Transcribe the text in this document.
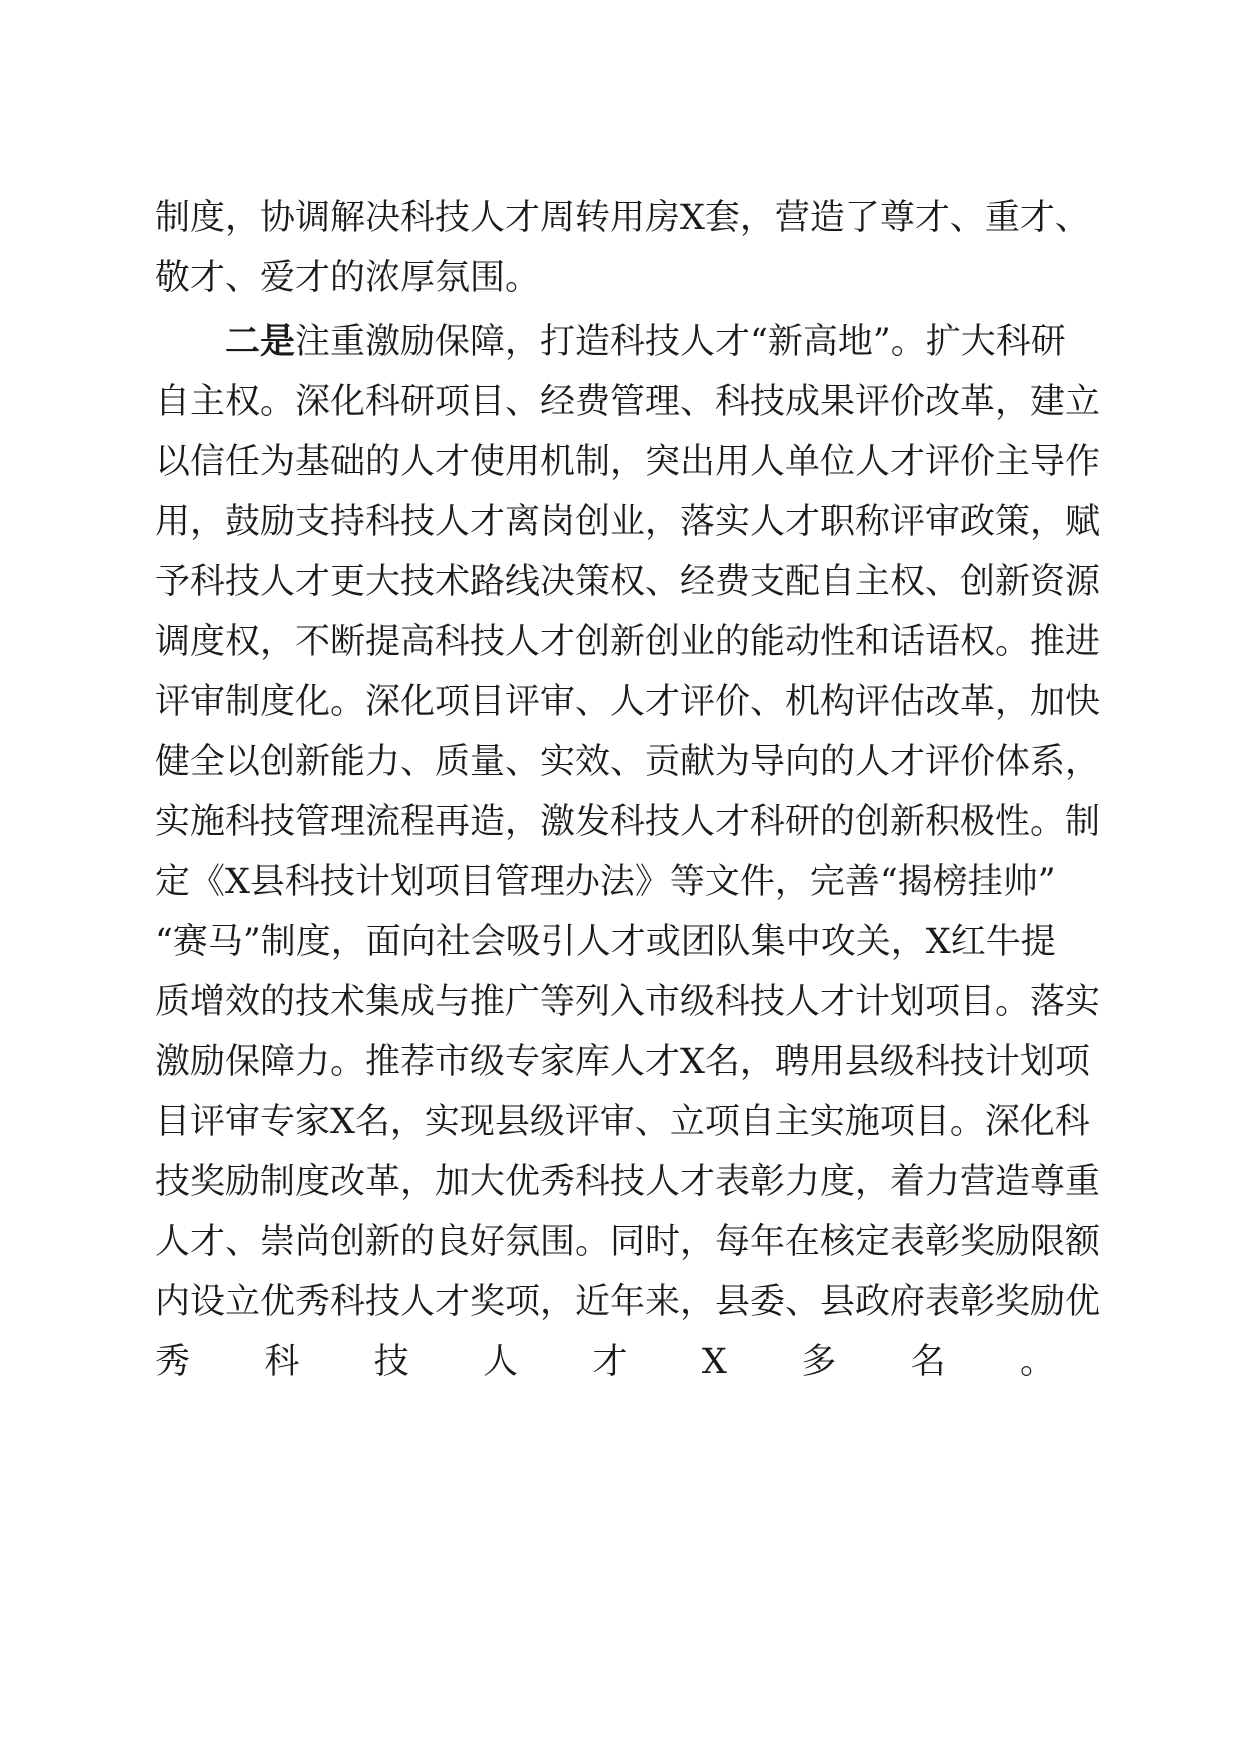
制度，协调解决科技人才周转用房X套，营造了尊才、重才、
敬才、爱才的浓厚氛围。
二是注重激励保障，打造科技人才“新高地”。扩大科研
自主权。深化科研项目、经费管理、科技成果评价改革，建立
以信任为基础的人才使用机制，突出用人单位人才评价主导作
用，鼓励支持科技人才离岗创业，落实人才职称评审政策，赋
予科技人才更大技术路线决策权、经费支配自主权、创新资源
调度权，不断提高科技人才创新创业的能动性和话语权。推进
评审制度化。深化项目评审、人才评价、机构评估改革，加快
健全以创新能力、质量、实效、贡献为导向的人才评价体系，
实施科技管理流程再造，激发科技人才科研的创新积极性。制
定《X县科技计划项目管理办法》等文件，完善“揭榜挂帅”
“赛马”制度，面向社会吸引人才或团队集中攻关，X红牛提
质增效的技术集成与推广等列入市级科技人才计划项目。落实
激励保障力。推荐市级专家库人才X名，聘用县级科技计划项
目评审专家X名，实现县级评审、立项自主实施项目。深化科
技奖励制度改革，加大优秀科技人才表彰力度，着力营造尊重
人才、崇尚创新的良好氛围。同时，每年在核定表彰奖励限额
内设立优秀科技人才奖项，近年来，县委、县政府表彰奖励优
秀科技人才X多名。
